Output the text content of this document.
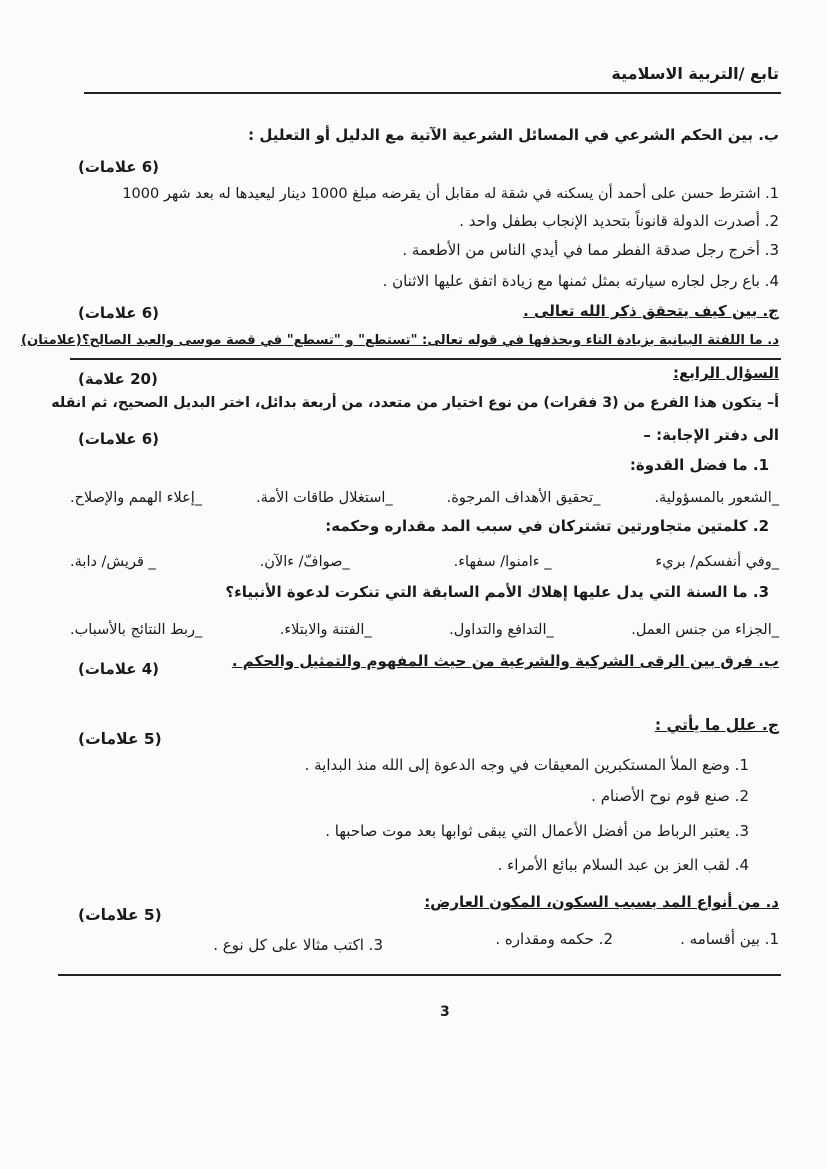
تابع /التربية الاسلامية
ب. بين الحكم الشرعي في المسائل الشرعية الآتية مع الدليل أو التعليل :
(6 علامات)
1. اشترط حسن على أحمد أن يسكنه في شقة له مقابل أن يقرضه مبلغ 1000 دينار ليعيدها له بعد شهر 1000
2. أصدرت الدولة قانوناً بتحديد الإنجاب بطفل واحد .
3. أخرج رجل صدقة الفطر مما في أيدي الناس من الأطعمة .
4. باع رجل لجاره سيارته بمثل ثمنها مع زيادة اتفق عليها الاثنان .
ج. بين كيف يتحقق ذكر الله تعالى .
(6 علامات)
د. ما اللفتة البيانية بزيادة التاء وبحذفها في قوله تعالى: "تستطع" و "تسطع" في قصة موسى والعبد الصالح؟(علامتان)
السؤال الرابع:
(20 علامة)
أ– يتكون هذا الفرع من (3 فقرات) من نوع اختيار من متعدد، من أربعة بدائل، اختر البديل الصحيح، ثم انقله
الى دفتر الإجابة: –
(6 علامات)
1. ما فضل القدوة:
_إعلاء الهمم والإصلاح.	_استغلال طاقات الأمة.	_تحقيق الأهداف المرجوة.	_الشعور بالمسؤولية.
2. كلمتين متجاورتين تشتركان في سبب المد مقداره وحكمه:
_ قريش/ دابة.	_صوافّ/ ءالآن.	_ ءامنوا/ سفهاء.	_وفي أنفسكم/ بريء
3. ما السنة التي يدل عليها إهلاك الأمم السابقة التي تنكرت لدعوة الأنبياء؟
_ربط النتائج بالأسباب.	_الفتنة والابتلاء.	_التدافع والتداول.	_الجزاء من جنس العمل.
ب. فرق بين الرقى الشركية والشرعية من حيث المفهوم والتمثيل والحكم .
(4 علامات)
ج. علل ما يأتي :
(5 علامات)
1. وضع الملأ المستكبرين المعيقات في وجه الدعوة إلى الله منذ البداية .
2. صنع قوم نوح الأصنام .
3. يعتبر الرباط من أفضل الأعمال التي يبقى ثوابها بعد موت صاحبها .
4. لقب العز بن عبد السلام ببائع الأمراء .
د. من أنواع المد بسبب السكون، المكون العارض:
(5 علامات)
1. بين أقسامه .
2. حكمه ومقداره .
3. اكتب مثالا على كل نوع .
3
